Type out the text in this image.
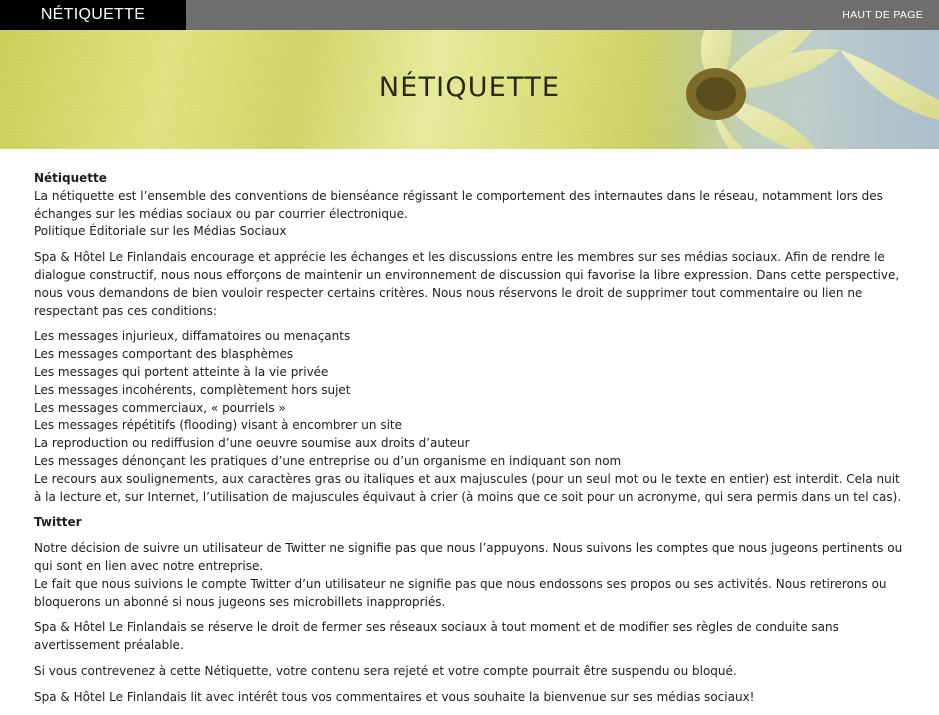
NÉTIQUETTE	HAUT DE PAGE
NÉTIQUETTE

Nétiquette

La nétiquette est l’ensemble des conventions de bienséance régissant le comportement des internautes dans le réseau, notamment lors des échanges sur les médias sociaux ou par courrier électronique.

Politique Éditoriale sur les Médias Sociaux

Spa & Hôtel Le Finlandais encourage et apprécie les échanges et les discussions entre les membres sur ses médias sociaux. Afin de rendre le dialogue constructif, nous nous efforçons de maintenir un environnement de discussion qui favorise la libre expression. Dans cette perspective, nous vous demandons de bien vouloir respecter certains critères. Nous nous réservons le droit de supprimer tout commentaire ou lien ne respectant pas ces conditions:

Les messages injurieux, diffamatoires ou menaçants
Les messages comportant des blasphèmes
Les messages qui portent atteinte à la vie privée
Les messages incohérents, complètement hors sujet
Les messages commerciaux, « pourriels »
Les messages répétitifs (flooding) visant à encombrer un site
La reproduction ou rediffusion d’une oeuvre soumise aux droits d’auteur
Les messages dénonçant les pratiques d’une entreprise ou d’un organisme en indiquant son nom
Le recours aux soulignements, aux caractères gras ou italiques et aux majuscules (pour un seul mot ou le texte en entier) est interdit. Cela nuit à la lecture et, sur Internet, l’utilisation de majuscules équivaut à crier (à moins que ce soit pour un acronyme, qui sera permis dans un tel cas).

Twitter

Notre décision de suivre un utilisateur de Twitter ne signifie pas que nous l’appuyons. Nous suivons les comptes que nous jugeons pertinents ou qui sont en lien avec notre entreprise.

Le fait que nous suivions le compte Twitter d’un utilisateur ne signifie pas que nous endossons ses propos ou ses activités. Nous retirerons ou bloquerons un abonné si nous jugeons ses microbillets inappropriés.

Spa & Hôtel Le Finlandais se réserve le droit de fermer ses réseaux sociaux à tout moment et de modifier ses règles de conduite sans avertissement préalable.

Si vous contrevenez à cette Nétiquette, votre contenu sera rejeté et votre compte pourrait être suspendu ou bloqué.

Spa & Hôtel Le Finlandais lit avec intérêt tous vos commentaires et vous souhaite la bienvenue sur ses médias sociaux!
